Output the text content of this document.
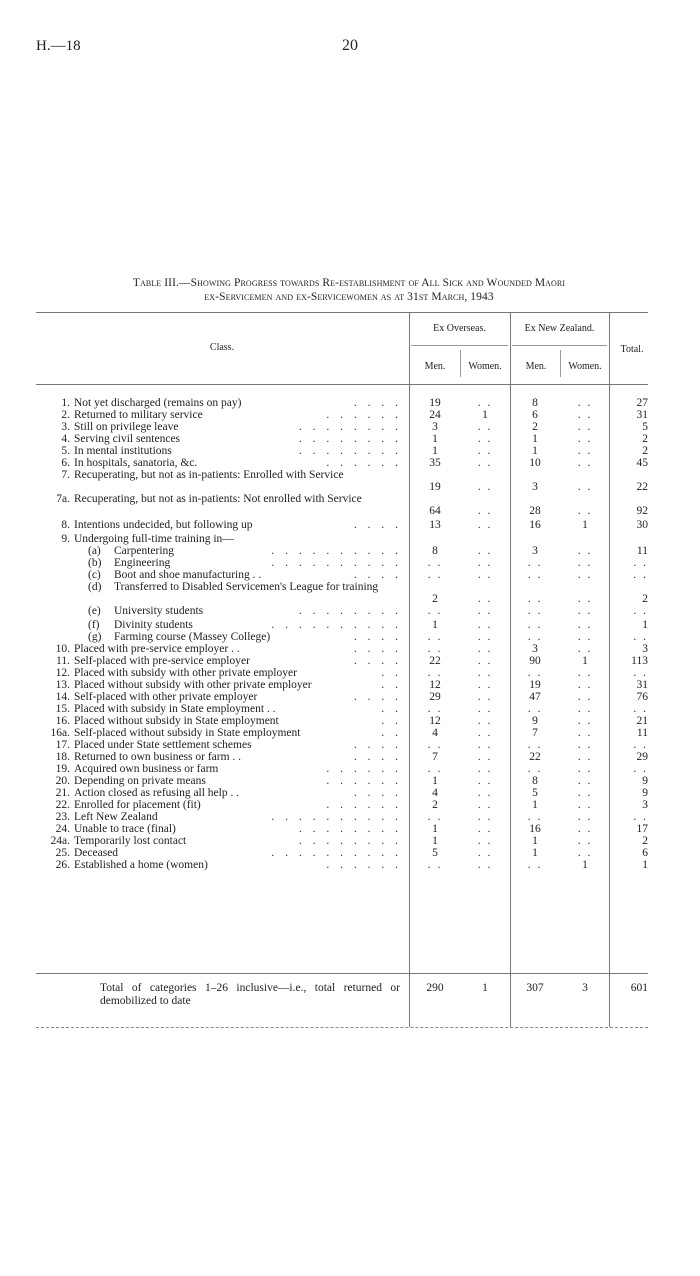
H.—18	20
Table III.—Showing Progress towards Re-establishment of All Sick and Wounded Maori
ex-Servicemen and ex-Servicewomen as at 31st March, 1943
Class.
Ex Overseas.	Ex New Zealand.
Men.	Women.	Men.	Women.
Total.
1. Not yet discharged (remains on pay)	. . . .	19	. .	8	. .	27
2. Returned to military service	. . . . . .	24	1	6	. .	31
3. Still on privilege leave	. . . . . . . .	3	. .	2	. .	5
4. Serving civil sentences	. . . . . . . .	1	. .	1	. .	2
5. In mental institutions	. . . . . . . .	1	. .	1	. .	2
6. In hospitals, sanatoria, &c.	. . . . . .	35	. .	10	. .	45
7. Recuperating, but not as in-patients: Enrolled with Service
19	. .	3	. .	22
7a. Recuperating, but not as in-patients: Not enrolled with Service
64	. .	28	. .	92
8. Intentions undecided, but following up	. . . .	13	. .	16	1	30
9. Undergoing full-time training in—
(a) Carpentering	. . . . . . . . . .	8	. .	3	. .	11
(b) Engineering	. . . . . . . . . .	. .	. .	. .	. .	. .
(c) Boot and shoe manufacturing . .	. . . .	. .	. .	. .	. .	. .
(d) Transferred to Disabled Servicemen's League for training
2	. .	. .	. .	2
(e) University students	. . . . . . . .	. .	. .	. .	. .	. .
(f) Divinity students	. . . . . . . . . .	1	. .	. .	. .	1
(g) Farming course (Massey College)	. . . .	. .	. .	. .	. .	. .
10. Placed with pre-service employer . .	. . . .	. .	. .	3	. .	3
11. Self-placed with pre-service employer	. . . .	22	. .	90	1	113
12. Placed with subsidy with other private employer	. .	. .	. .	. .	. .	. .
13. Placed without subsidy with other private employer	. .	12	. .	19	. .	31
14. Self-placed with other private employer	. . . .	29	. .	47	. .	76
15. Placed with subsidy in State employment . .	. .	. .	. .	. .	. .	. .
16. Placed without subsidy in State employment	. .	12	. .	9	. .	21
16a. Self-placed without subsidy in State employment	. .	4	. .	7	. .	11
17. Placed under State settlement schemes	. . . .	. .	. .	. .	. .	. .
18. Returned to own business or farm . .	. . . .	7	. .	22	. .	29
19. Acquired own business or farm	. . . . . .	. .	. .	. .	. .	. .
20. Depending on private means	. . . . . .	1	. .	8	. .	9
21. Action closed as refusing all help . .	. . . .	4	. .	5	. .	9
22. Enrolled for placement (fit)	. . . . . .	2	. .	1	. .	3
23. Left New Zealand	. . . . . . . . . .	. .	. .	. .	. .	. .
24. Unable to trace (final)	. . . . . . . .	1	. .	16	. .	17
24a. Temporarily lost contact	. . . . . . . .	1	. .	1	. .	2
25. Deceased	. . . . . . . . . .	5	. .	1	. .	6
26. Established a home (women)	. . . . . .	. .	. .	. .	1	1
Total of categories 1–26 inclusive—i.e., total returned or demobilized to date
290	1	307	3	601
